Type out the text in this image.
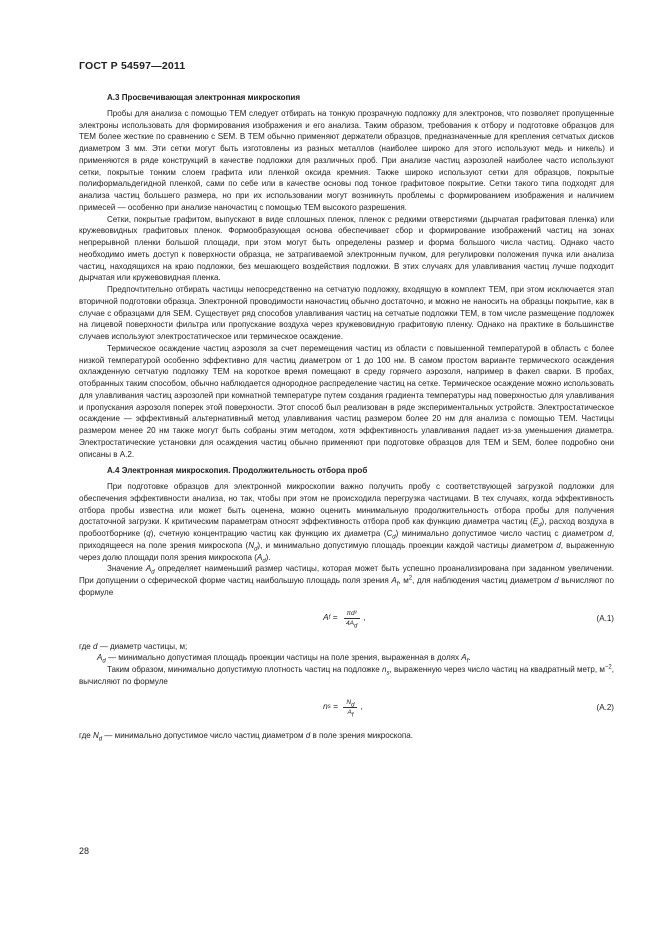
ГОСТ Р 54597—2011
А.3 Просвечивающая электронная микроскопия

Пробы для анализа с помощью ТЕМ следует отбирать на тонкую прозрачную подложку для электронов, что позволяет пропущенные электроны использовать для формирования изображения и его анализа. Таким образом, требования к отбору и подготовке образцов для ТЕМ более жесткие по сравнению с SEM. В ТЕМ обычно применяют держатели образцов, предназначенные для крепления сетчатых дисков диаметром 3 мм. Эти сетки могут быть изготовлены из разных металлов (наиболее широко для этого используют медь и никель) и применяются в ряде конструкций в качестве подложки для различных проб. При анализе частиц аэрозолей наиболее часто используют сетки, покрытые тонким слоем графита или пленкой оксида кремния. Также широко используют сетки для образцов, покрытые полиформальдегидной пленкой, сами по себе или в качестве основы под тонкое графитовое покрытие. Сетки такого типа подходят для анализа частиц большего размера, но при их использовании могут возникнуть проблемы с формированием изображения и наличием примесей — особенно при анализе наночастиц с помощью ТЕМ высокого разрешения.

Сетки, покрытые графитом, выпускают в виде сплошных пленок, пленок с редкими отверстиями (дырчатая графитовая пленка) или кружевовидных графитовых пленок. Формообразующая основа обеспечивает сбор и формирование изображений частиц на зонах непрерывной пленки большой площади, при этом могут быть определены размер и форма большого числа частиц. Однако часто необходимо иметь доступ к поверхности образца, не затрагиваемой электронным пучком, для регулировки положения пучка или анализа частиц, находящихся на краю подложки, без мешающего воздействия подложки. В этих случаях для улавливания частиц лучше подходит дырчатая или кружевовидная пленка.

Предпочтительно отбирать частицы непосредственно на сетчатую подложку, входящую в комплект ТЕМ, при этом исключается этап вторичной подготовки образца. Электронной проводимости наночастиц обычно достаточно, и можно не наносить на образцы покрытие, как в случае с образцами для SEM. Существует ряд способов улавливания частиц на сетчатые подложки ТЕМ, в том числе размещение подложек на лицевой поверхности фильтра или пропускание воздуха через кружевовидную графитовую пленку. Однако на практике в большинстве случаев используют электростатическое или термическое осаждение.

Термическое осаждение частиц аэрозоля за счет перемещения частиц из области с повышенной температурой в область с более низкой температурой особенно эффективно для частиц диаметром от 1 до 100 нм. В самом простом варианте термического осаждения охлажденную сетчатую подложку ТЕМ на короткое время помещают в среду горячего аэрозоля, например в факел сварки. В пробах, отобранных таким способом, обычно наблюдается однородное распределение частиц на сетке. Термическое осаждение можно использовать для улавливания частиц аэрозолей при комнатной температуре путем создания градиента температуры над поверхностью для улавливания и пропускания аэрозоля поперек этой поверхности. Этот способ был реализован в ряде экспериментальных устройств. Электростатическое осаждение — эффективный альтернативный метод улавливания частиц размером более 20 нм для анализа с помощью ТЕМ. Частицы размером менее 20 нм также могут быть собраны этим методом, хотя эффективность улавливания падает из-за уменьшения диаметра. Электростатические установки для осаждения частиц обычно применяют при подготовке образцов для ТЕМ и SEM, более подробно они описаны в А.2.

А.4 Электронная микроскопия. Продолжительность отбора проб

При подготовке образцов для электронной микроскопии важно получить пробу с соответствующей загрузкой подложки для обеспечения эффективности анализа, но так, чтобы при этом не происходила перегрузка частицами. В тех случаях, когда эффективность отбора пробы известна или может быть оценена, можно оценить минимальную продолжительность отбора пробы для получения достаточной загрузки. К критическим параметрам относят эффективность отбора проб как функцию диаметра частиц $(E_d)$, расход воздуха в пробоотборнике (q), счетную концентрацию частиц как функцию их диаметра $(C_d)$ минимально допустимое число частиц с диаметром d, приходящееся на поле зрения микроскопа $(N_d)$, и минимально допустимую площадь проекции каждой частицы диаметром d, выраженную через долю площади поля зрения микроскопа $(A_d)$.

Значение $A_d$ определяет наименьший размер частицы, которая может быть успешно проанализирована при заданном увеличении. При допущении о сферической форме частиц наибольшую площадь поля зрения $A_f$, $м^2$, для наблюдения частиц диаметром d вычисляют по формуле

A $f = \frac{\text{πd²}}{4A_d}$ ,	(А.1)

где d — диаметр частицы, м;

$A_d$ — минимально допустимая площадь проекции частицы на поле зрения, выраженная в долях $A_f$.

Таким образом, минимально допустимую плотность частиц на подложке $n_s$, выраженную через число частиц на квадратный метр, $м^{-2}$, вычисляют по формуле

n $s = \frac{N_d}{A_f}$ ,	(А.2)

где $N_d$ — минимально допустимое число частиц диаметром d в поле зрения микроскопа.

28
